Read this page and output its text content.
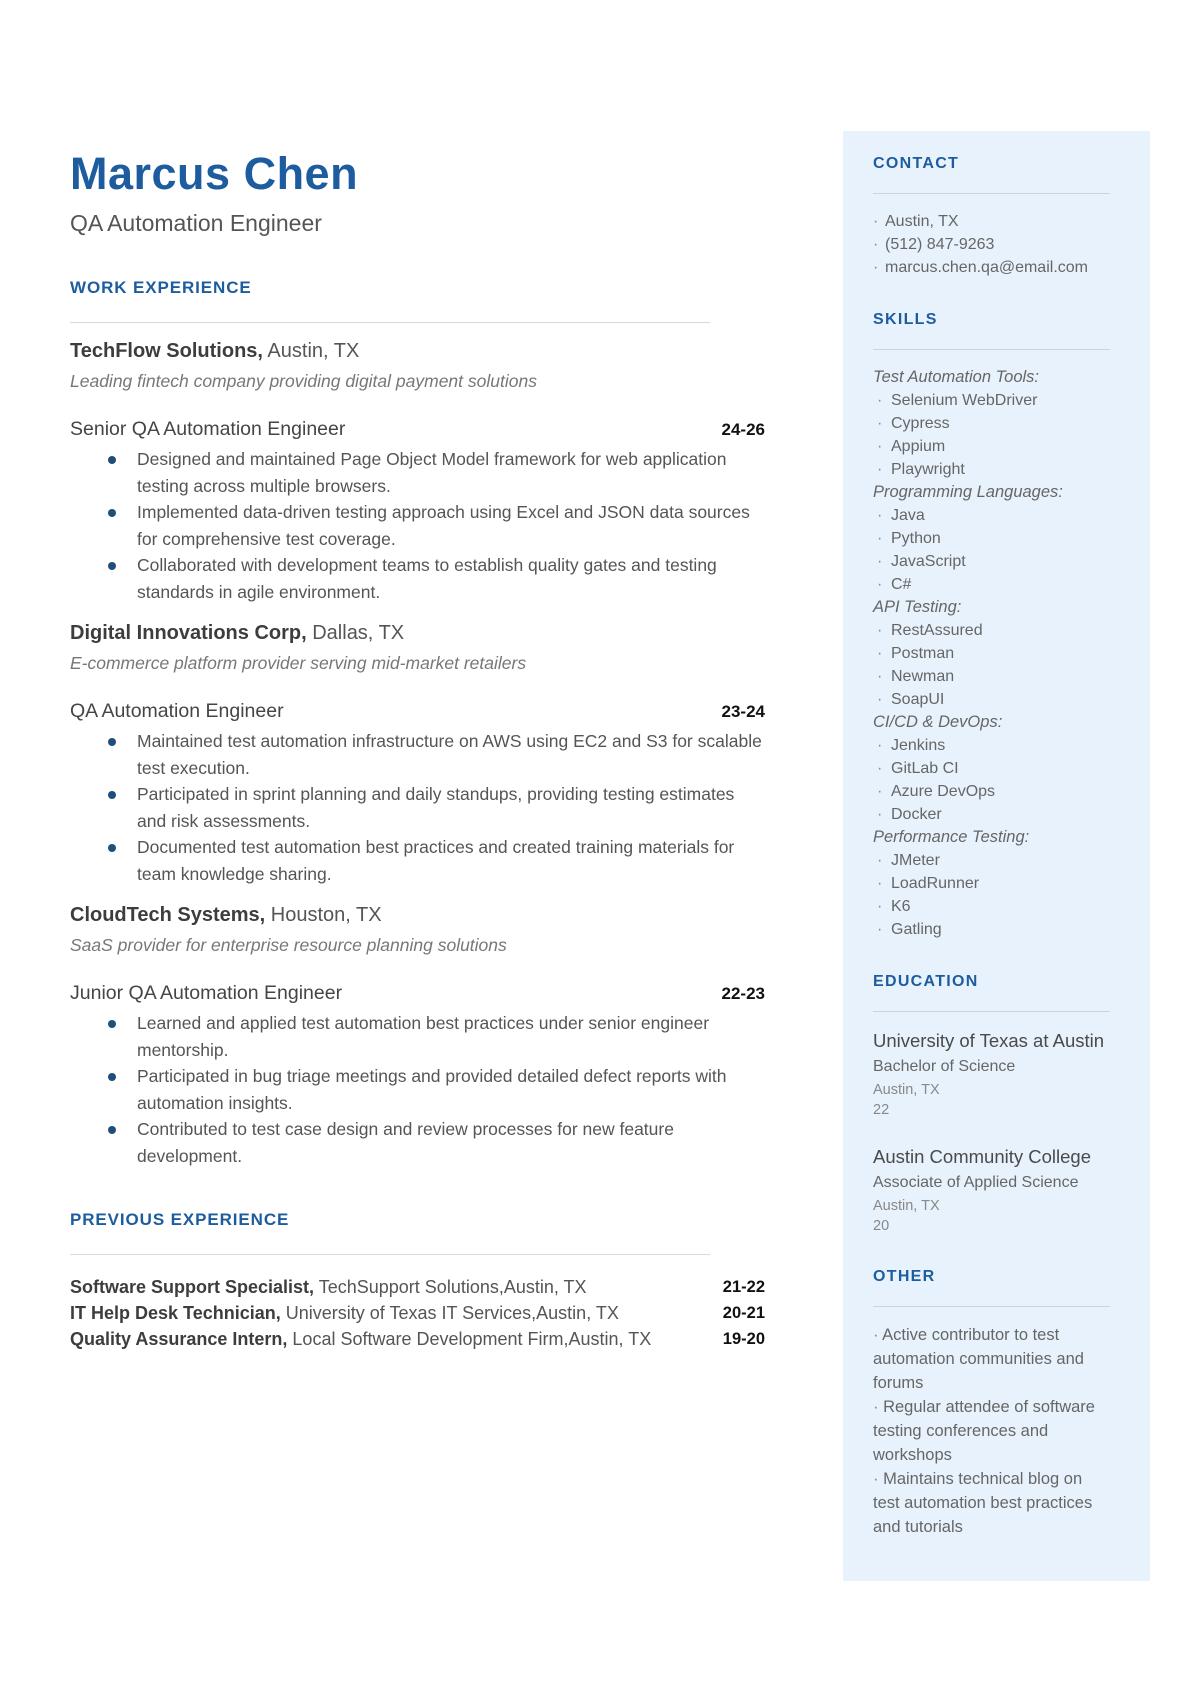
Marcus Chen
QA Automation Engineer
WORK EXPERIENCE
TechFlow Solutions, Austin, TX
Leading fintech company providing digital payment solutions
Senior QA Automation Engineer	24-26
Designed and maintained Page Object Model framework for web application testing across multiple browsers.
Implemented data-driven testing approach using Excel and JSON data sources for comprehensive test coverage.
Collaborated with development teams to establish quality gates and testing standards in agile environment.
Digital Innovations Corp, Dallas, TX
E-commerce platform provider serving mid-market retailers
QA Automation Engineer	23-24
Maintained test automation infrastructure on AWS using EC2 and S3 for scalable test execution.
Participated in sprint planning and daily standups, providing testing estimates and risk assessments.
Documented test automation best practices and created training materials for team knowledge sharing.
CloudTech Systems, Houston, TX
SaaS provider for enterprise resource planning solutions
Junior QA Automation Engineer	22-23
Learned and applied test automation best practices under senior engineer mentorship.
Participated in bug triage meetings and provided detailed defect reports with automation insights.
Contributed to test case design and review processes for new feature development.
PREVIOUS EXPERIENCE
Software Support Specialist, TechSupport Solutions,Austin, TX	21-22
IT Help Desk Technician, University of Texas IT Services,Austin, TX	20-21
Quality Assurance Intern, Local Software Development Firm,Austin, TX	19-20
CONTACT
· Austin, TX
· (512) 847-9263
· marcus.chen.qa@email.com
SKILLS
Test Automation Tools:
· Selenium WebDriver
· Cypress
· Appium
· Playwright
Programming Languages:
· Java
· Python
· JavaScript
· C#
API Testing:
· RestAssured
· Postman
· Newman
· SoapUI
CI/CD & DevOps:
· Jenkins
· GitLab CI
· Azure DevOps
· Docker
Performance Testing:
· JMeter
· LoadRunner
· K6
· Gatling
EDUCATION
University of Texas at Austin
Bachelor of Science
Austin, TX
22
Austin Community College
Associate of Applied Science
Austin, TX
20
OTHER
· Active contributor to test automation communities and forums
· Regular attendee of software testing conferences and workshops
· Maintains technical blog on test automation best practices and tutorials
